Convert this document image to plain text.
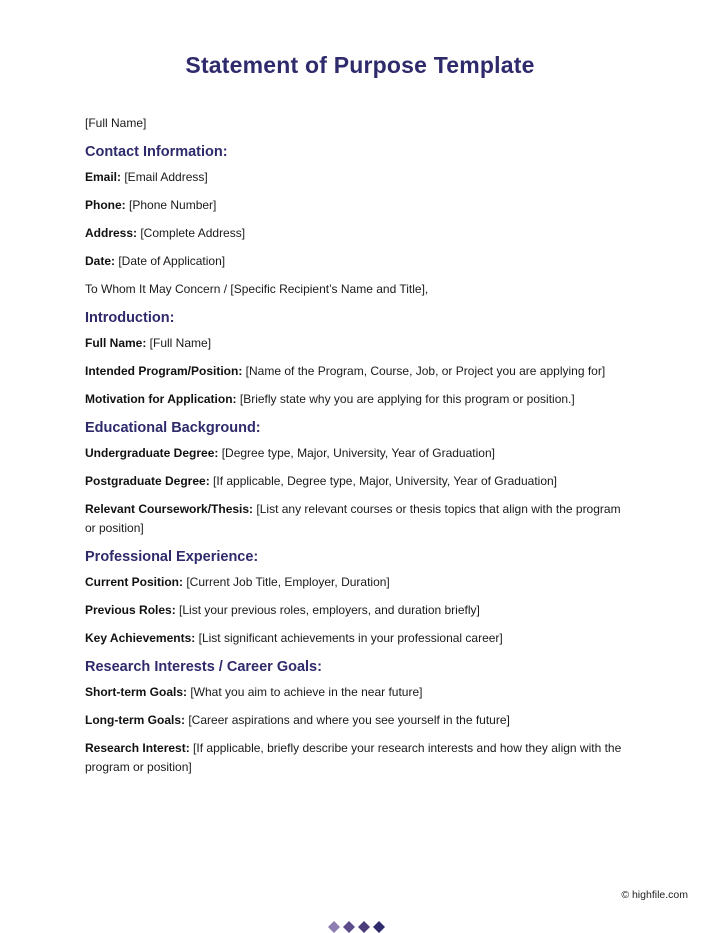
Statement of Purpose Template
[Full Name]
Contact Information:
Email: [Email Address]
Phone: [Phone Number]
Address: [Complete Address]
Date: [Date of Application]
To Whom It May Concern / [Specific Recipient’s Name and Title],
Introduction:
Full Name: [Full Name]
Intended Program/Position: [Name of the Program, Course, Job, or Project you are applying for]
Motivation for Application: [Briefly state why you are applying for this program or position.]
Educational Background:
Undergraduate Degree: [Degree type, Major, University, Year of Graduation]
Postgraduate Degree: [If applicable, Degree type, Major, University, Year of Graduation]
Relevant Coursework/Thesis: [List any relevant courses or thesis topics that align with the program or position]
Professional Experience:
Current Position: [Current Job Title, Employer, Duration]
Previous Roles: [List your previous roles, employers, and duration briefly]
Key Achievements: [List significant achievements in your professional career]
Research Interests / Career Goals:
Short-term Goals: [What you aim to achieve in the near future]
Long-term Goals: [Career aspirations and where you see yourself in the future]
Research Interest: [If applicable, briefly describe your research interests and how they align with the program or position]
© highfile.com
